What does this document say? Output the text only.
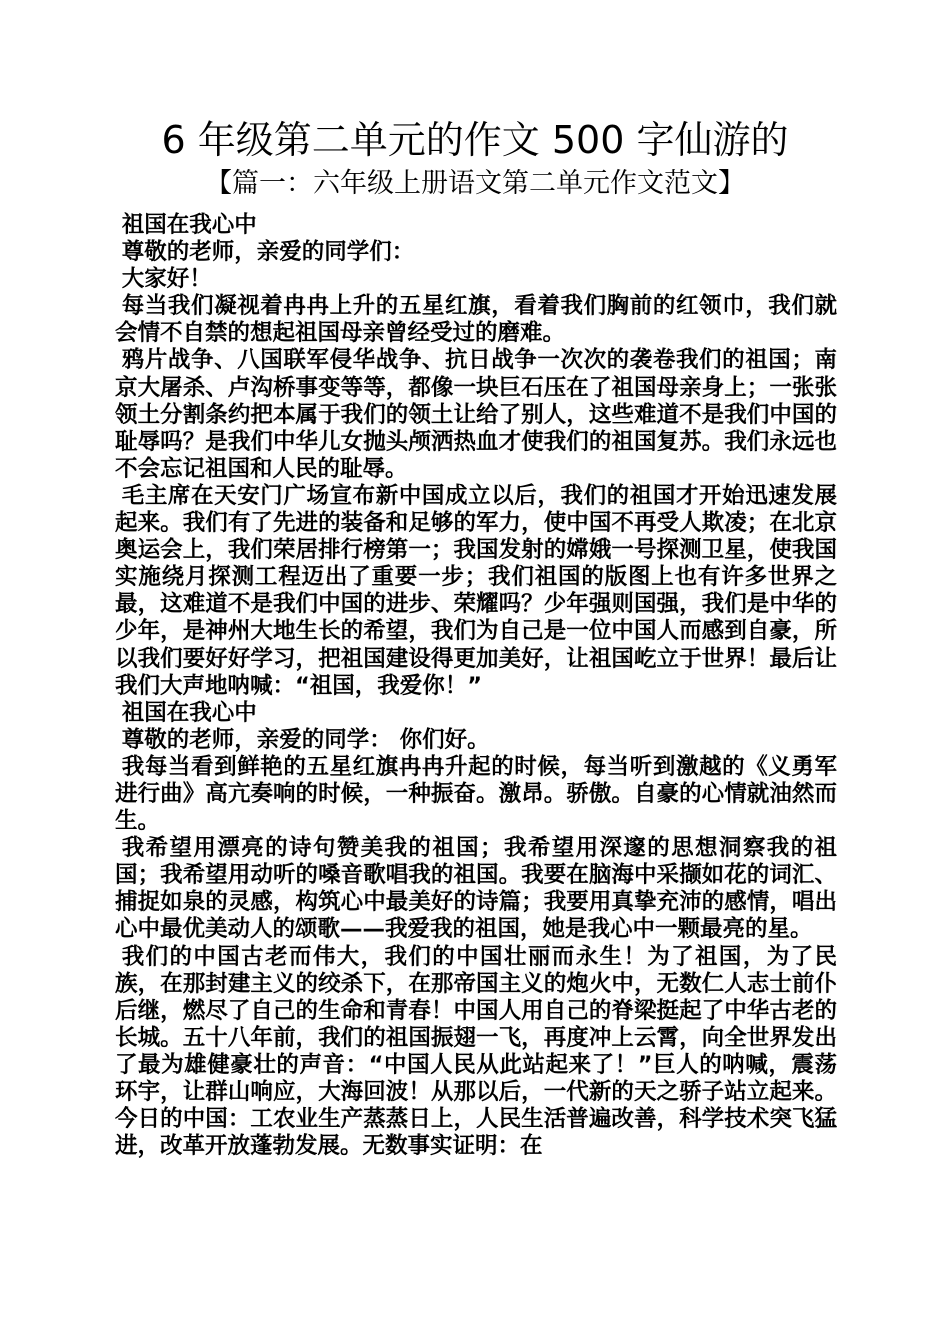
6 年级第二单元的作文 500 字仙游的
【篇一：六年级上册语文第二单元作文范文】

祖国在我心中

尊敬的老师，亲爱的同学们：

大家好！

每当我们凝视着冉冉上升的五星红旗，看着我们胸前的红领巾，我们就会情不自禁的想起祖国母亲曾经受过的磨难。

鸦片战争、八国联军侵华战争、抗日战争一次次的袭卷我们的祖国；南京大屠杀、卢沟桥事变等等，都像一块巨石压在了祖国母亲身上；一张张领土分割条约把本属于我们的领土让给了别人，这些难道不是我们中国的耻辱吗？是我们中华儿女抛头颅洒热血才使我们的祖国复苏。我们永远也不会忘记祖国和人民的耻辱。

毛主席在天安门广场宣布新中国成立以后，我们的祖国才开始迅速发展起来。我们有了先进的装备和足够的军力，使中国不再受人欺凌；在北京奥运会上，我们荣居排行榜第一；我国发射的嫦娥一号探测卫星，使我国实施绕月探测工程迈出了重要一步；我们祖国的版图上也有许多世界之最，这难道不是我们中国的进步、荣耀吗？少年强则国强，我们是中华的少年，是神州大地生长的希望，我们为自己是一位中国人而感到自豪，所以我们要好好学习，把祖国建设得更加美好，让祖国屹立于世界！最后让我们大声地呐喊：“祖国，我爱你！”

祖国在我心中

尊敬的老师，亲爱的同学： 你们好。

我每当看到鲜艳的五星红旗冉冉升起的时候，每当听到激越的《义勇军进行曲》高亢奏响的时候，一种振奋。激昂。骄傲。自豪的心情就油然而生。

我希望用漂亮的诗句赞美我的祖国；我希望用深邃的思想洞察我的祖国；我希望用动听的嗓音歌唱我的祖国。我要在脑海中采撷如花的词汇、捕捉如泉的灵感，构筑心中最美好的诗篇；我要用真挚充沛的感情，唱出心中最优美动人的颂歌——我爱我的祖国，她是我心中一颗最亮的星。

我们的中国古老而伟大，我们的中国壮丽而永生！为了祖国，为了民族，在那封建主义的绞杀下，在那帝国主义的炮火中，无数仁人志士前仆后继，燃尽了自己的生命和青春！中国人用自己的脊梁挺起了中华古老的长城。五十八年前，我们的祖国振翅一飞，再度冲上云霄，向全世界发出了最为雄健豪壮的声音：“中国人民从此站起来了！”巨人的呐喊，震荡环宇，让群山响应，大海回波！从那以后，一代新的天之骄子站立起来。今日的中国：工农业生产蒸蒸日上，人民生活普遍改善，科学技术突飞猛进，改革开放蓬勃发展。无数事实证明：在
